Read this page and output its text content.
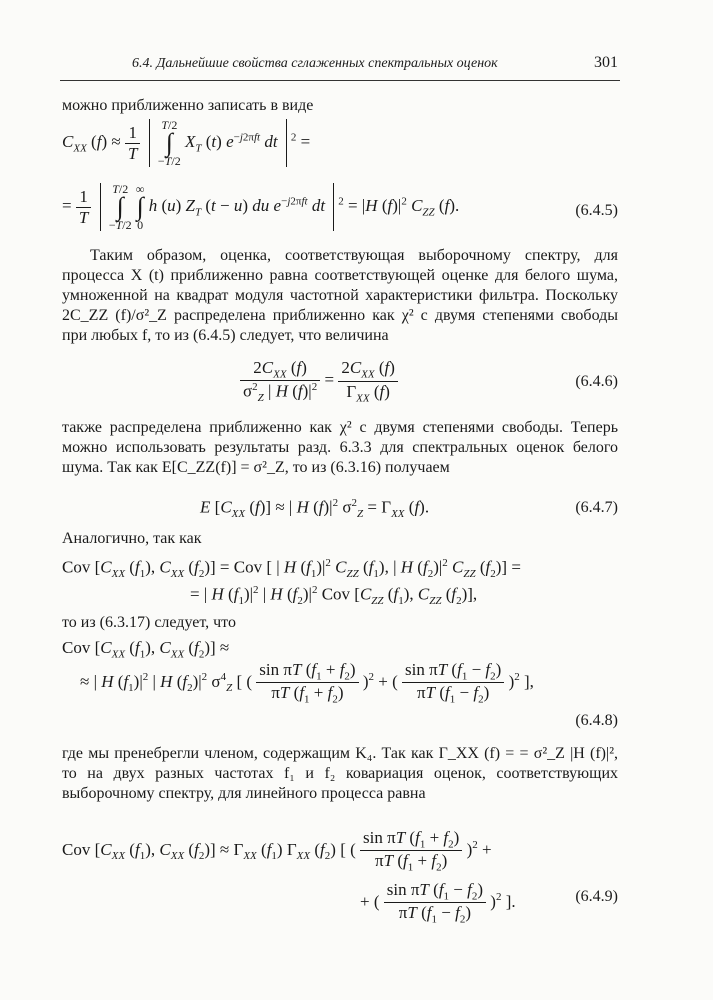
6.4. Дальнейшие свойства сглаженных спектральных оценок	301
можно приближенно записать в виде
$C_{XX}$ $(f) \approx \frac{1}{T} T/2$
∫
−T/2 $X_T$ (t) $e^{-j2\pi ft}$ dt $^2$ =
= $\frac{1}{T} T/2$
∫
−T/2 ∞
∫
0 h (u) $Z_T$ (t − u) du $e^{-j2\pi ft}$ dt $^2$ = |H $(f)|^2$ $C_{ZZ}$ (f).	(6.4.5)
Таким образом, оценка, соответствующая выборочному спектру, для процесса X (t) приближенно равна соответствующей оценке для белого шума, умноженной на квадрат модуля частотной характеристики фильтра. Поскольку 2C_ZZ (f)/σ²_Z распределена приближенно как χ² с двумя степенями свободы при любых f, то из (6.4.5) следует, что величина
$\frac{2C_{XX} (f)}{\sigma^2_Z | H (f)|^2} = \frac{2C_{XX} (f)}{\Gamma_{XX} (f)}$	(6.4.6)
также распределена приближенно как χ² с двумя степенями свободы. Теперь можно использовать результаты разд. 6.3.3 для спектральных оценок белого шума. Так как E[C_ZZ(f)] = σ²_Z, то из (6.3.16) получаем
E [$C_{XX}$ (f)] ≈ | H $(f)|^2$ $\sigma^2_Z = \Gamma_{XX}$ (f).	(6.4.7)
Аналогично, так как
Cov [$C_{XX}$ $(f_1)$, $C_{XX}$ $(f_2)$] = Cov [ | H $(f_1)|^2$ $C_{ZZ}$ $(f_1)$, | H $(f_2)|^2$ $C_{ZZ}$ $(f_2)$] =
= | H $(f_1)|^2$ | H $(f_2)|^2$ Cov [$C_{ZZ}$ $(f_1)$, $C_{ZZ}$ $(f_2)$],
то из (6.3.17) следует, что
Cov [$C_{XX}$ $(f_1)$, $C_{XX}$ $(f_2)$] ≈
≈ | H $(f_1)|^2$ | H $(f_2)|^2$ $\sigma^4_Z$ [ ( $\frac{\sin \pi T (f_1 + f_2)}{\pi T (f_1 + f_2)} )^2$ + ( $\frac{\sin \pi T (f_1 - f_2)}{\pi T (f_1 - f_2)} )^2$ ],
(6.4.8)
где мы пренебрегли членом, содержащим K₄. Так как Γ_XX (f) = = σ²_Z |H (f)|², то на двух разных частотах f₁ и f₂ ковариация оценок, соответствующих выборочному спектру, для линейного процесса равна
Cov [$C_{XX}$ $(f_1)$, $C_{XX}$ $(f_2)] \approx \Gamma_{XX}$ $(f_1)$ $\Gamma_{XX}$ $(f_2)$ [ ( $\frac{\sin \pi T (f_1 + f_2)}{\pi T (f_1 + f_2)} )^2$ +
+ ( $\frac{\sin \pi T (f_1 - f_2)}{\pi T (f_1 - f_2)} )^2$ ].	(6.4.9)
